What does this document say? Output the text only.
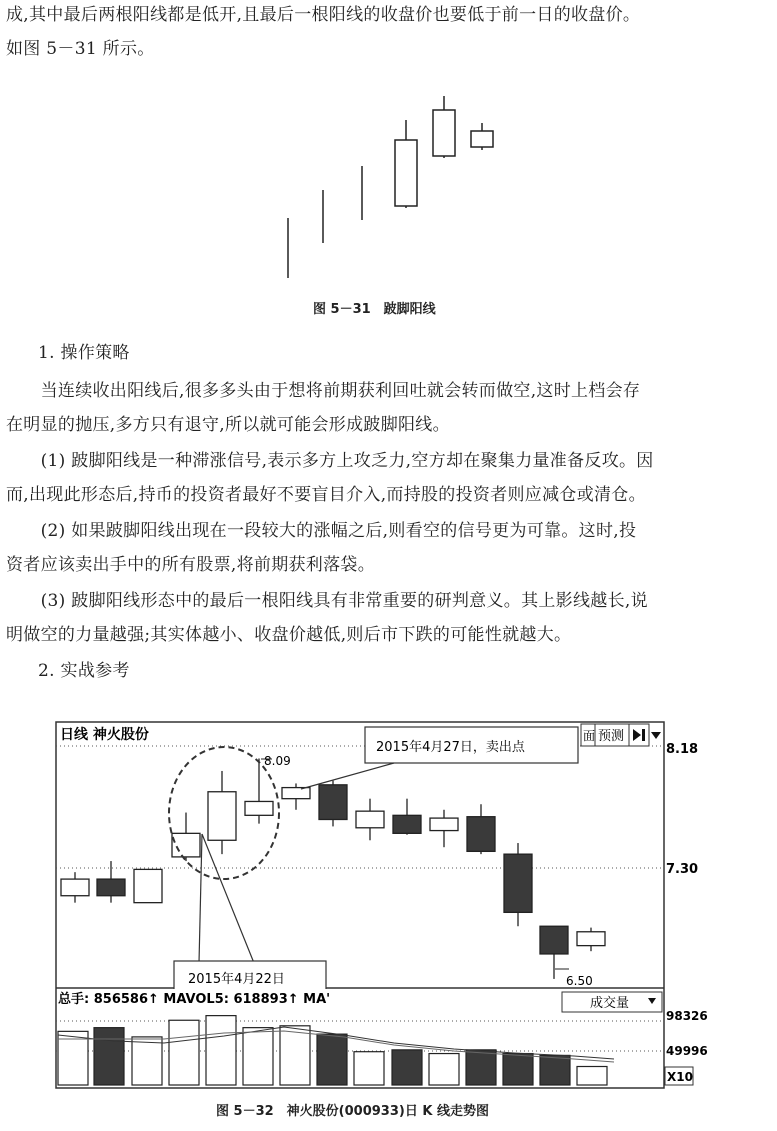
成,其中最后两根阳线都是低开,且最后一根阳线的收盘价也要低于前一日的收盘价。
如图 5－31 所示。
图 5－31　跛脚阳线
1. 操作策略
　　当连续收出阳线后,很多多头由于想将前期获利回吐就会转而做空,这时上档会存
在明显的抛压,多方只有退守,所以就可能会形成跛脚阳线。
　　(1) 跛脚阳线是一种滞涨信号,表示多方上攻乏力,空方却在聚集力量准备反攻。因
而,出现此形态后,持币的投资者最好不要盲目介入,而持股的投资者则应减仓或清仓。
　　(2) 如果跛脚阳线出现在一段较大的涨幅之后,则看空的信号更为可靠。这时,投
资者应该卖出手中的所有股票,将前期获利落袋。
　　(3) 跛脚阳线形态中的最后一根阳线具有非常重要的研判意义。其上影线越长,说
明做空的力量越强;其实体越小、收盘价越低,则后市下跌的可能性就越大。
2. 实战参考
日线 神火股份	面 预测
8.18
7.30
8.09
6.50
2015年4月27日，卖出点
2015年4月22日
总手: 856586↑ MAVOL5: 618893↑ MA'	成交量
98326
49996
X10
图 5－32　神火股份(000933)日 K 线走势图
